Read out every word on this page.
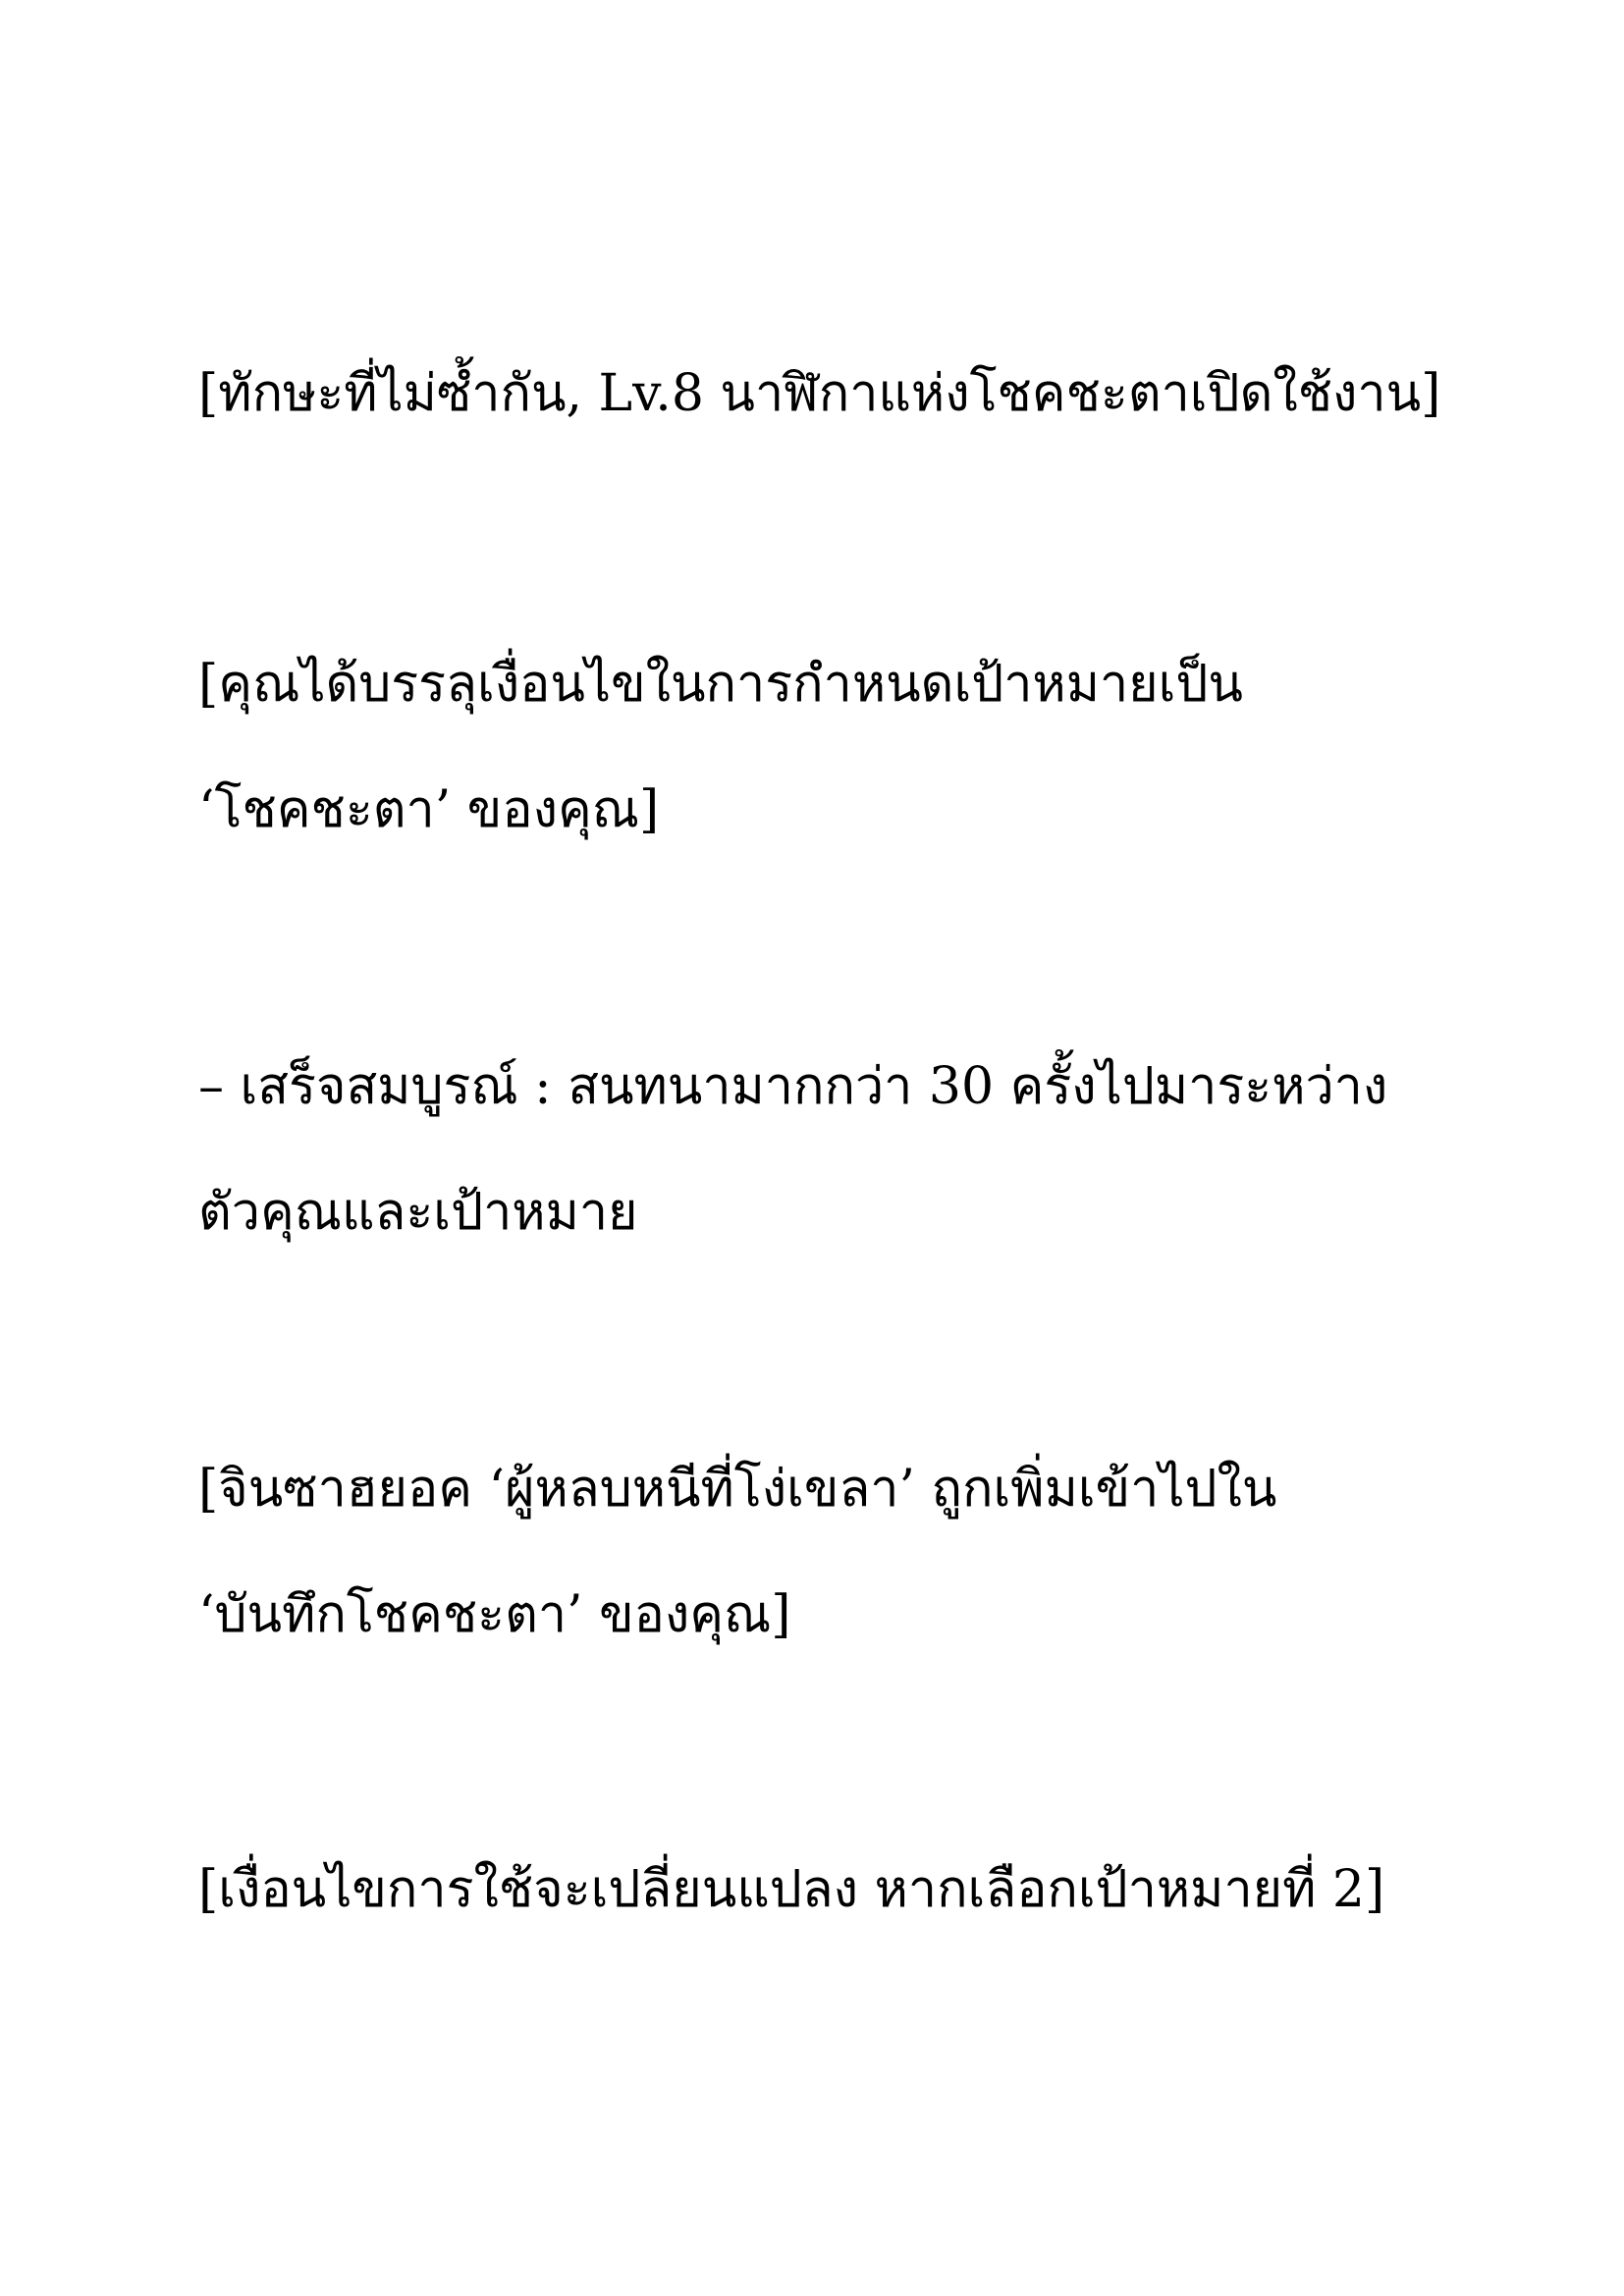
[ทักษะที่ไม่ซ้ำกัน, Lv.8 นาฬิกาแห่งโชคชะตาเปิดใช้งาน]

[คุณได้บรรลุเงื่อนไขในการกำหนดเป้าหมายเป็น

‘โชคชะตา’ ของคุณ]

– เสร็จสมบูรณ์ : สนทนามากกว่า 30 ครั้งไปมาระหว่าง

ตัวคุณและเป้าหมาย

[จินซาฮยอค ‘ผู้หลบหนีที่โง่เขลา’ ถูกเพิ่มเข้าไปใน

‘บันทึกโชคชะตา’ ของคุณ]

[เงื่อนไขการใช้จะเปลี่ยนแปลง หากเลือกเป้าหมายที่ 2]
